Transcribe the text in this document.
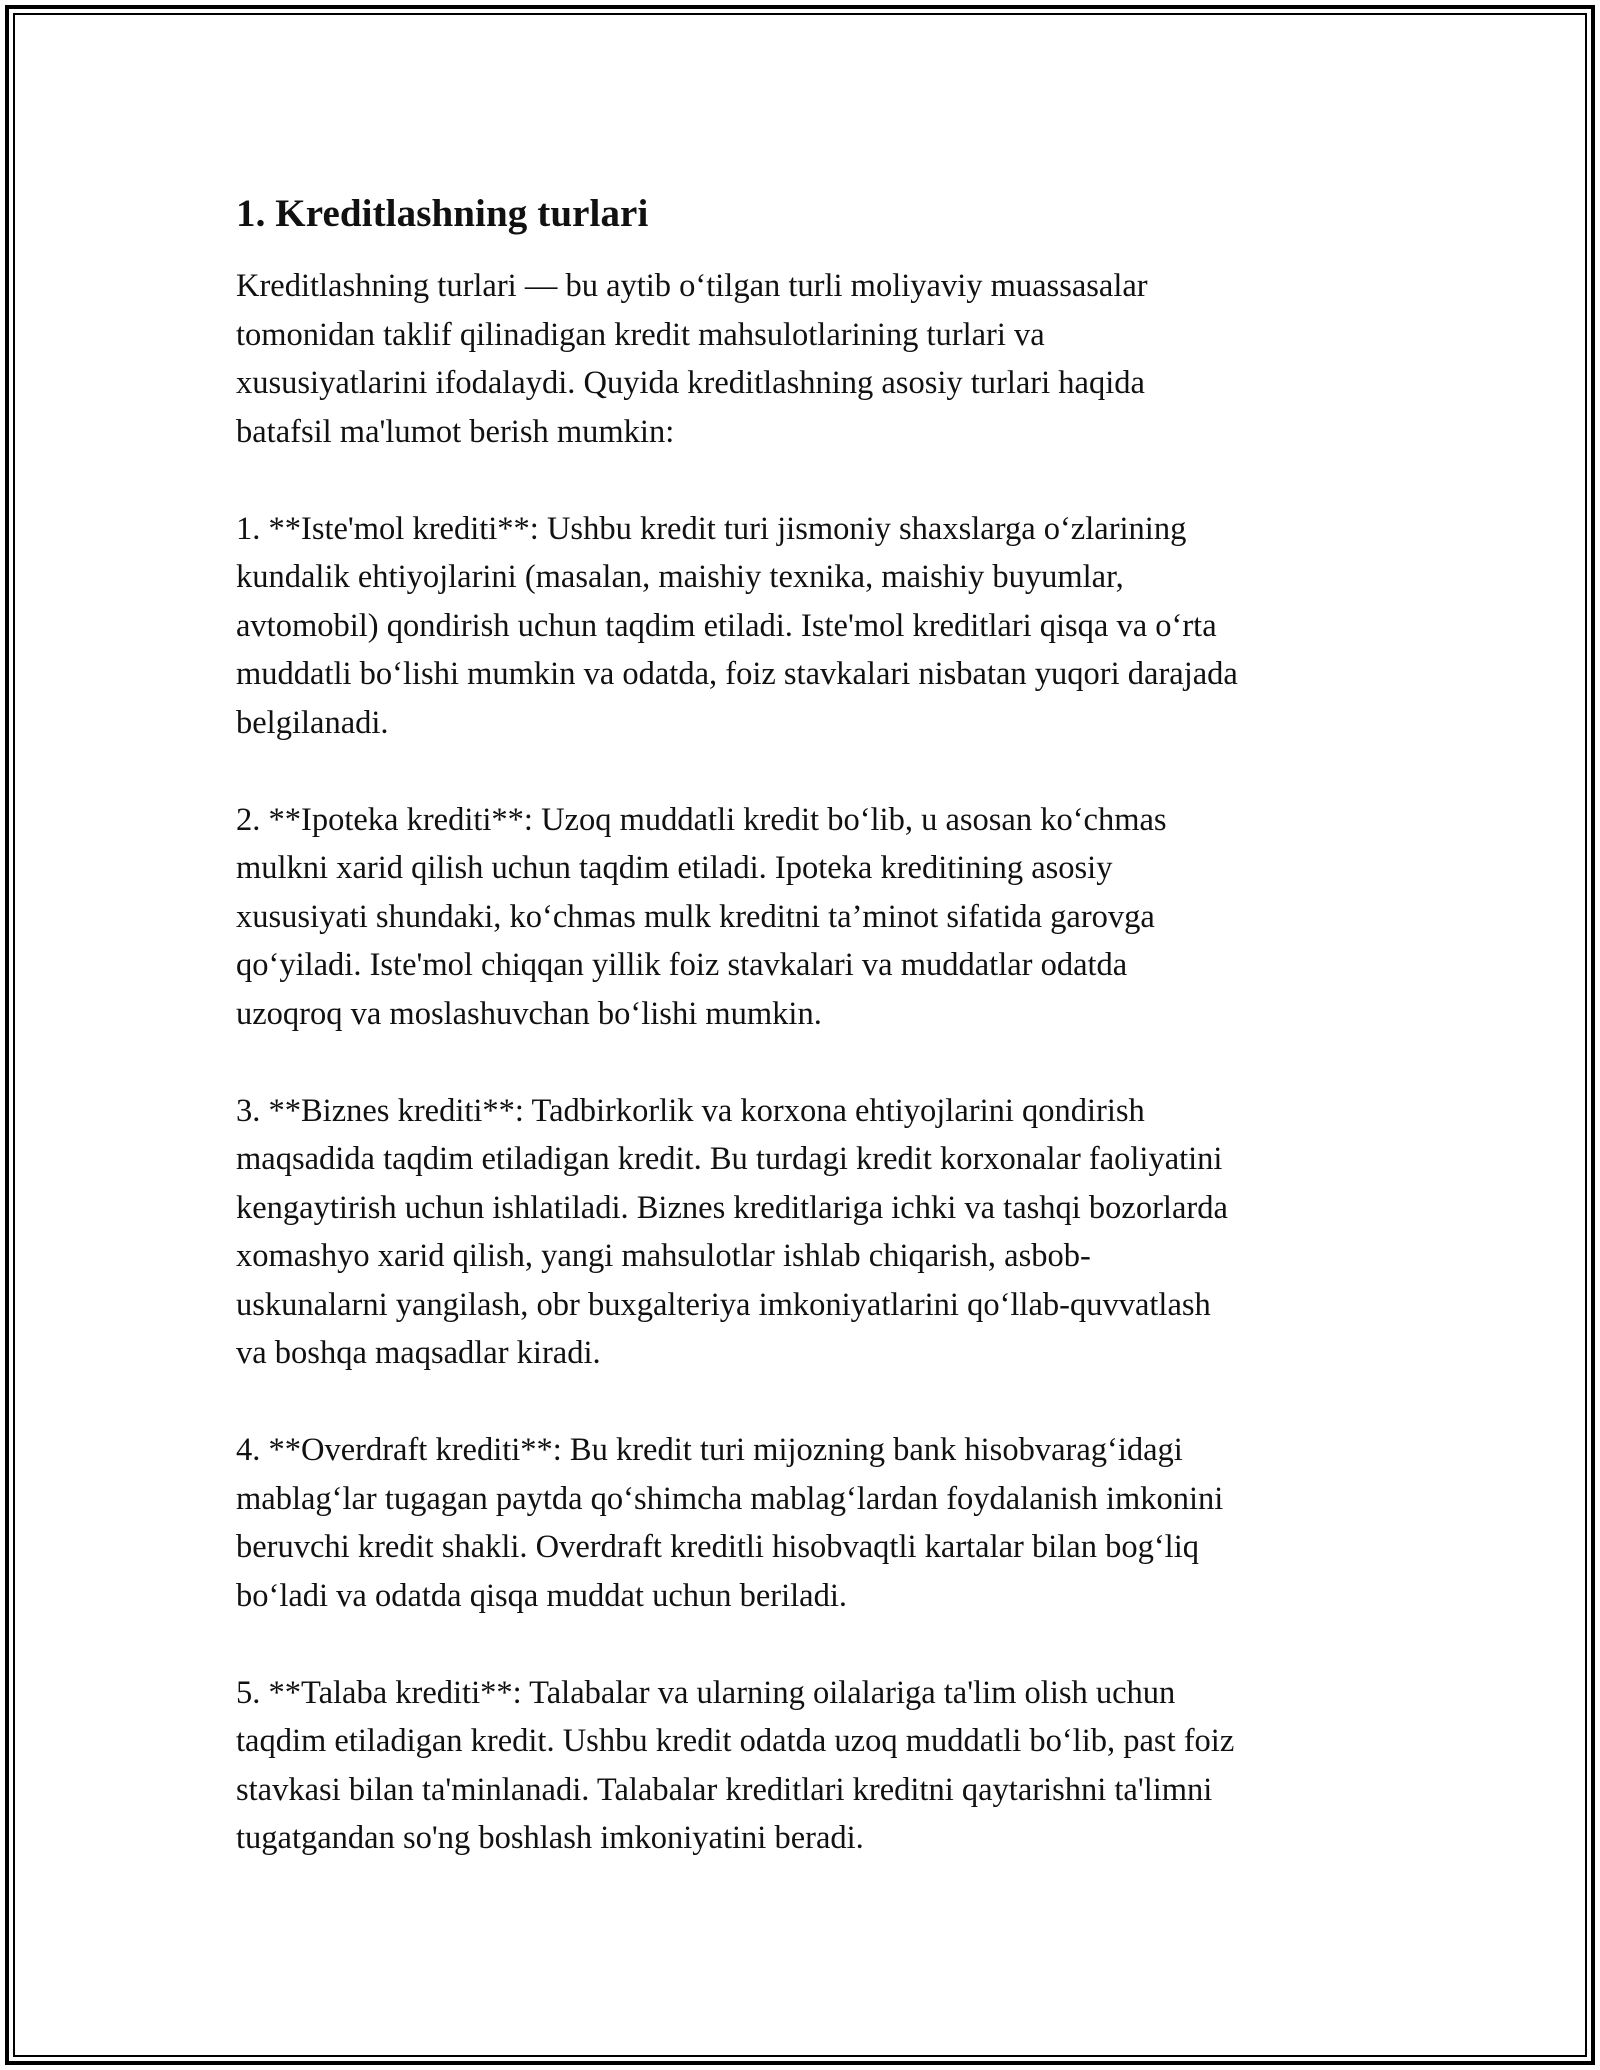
1. Kreditlashning turlari

Kreditlashning turlari — bu aytib o‘tilgan turli moliyaviy muassasalar
tomonidan taklif qilinadigan kredit mahsulotlarining turlari va
xususiyatlarini ifodalaydi. Quyida kreditlashning asosiy turlari haqida
batafsil ma'lumot berish mumkin:

1. **Iste'mol krediti**: Ushbu kredit turi jismoniy shaxslarga o‘zlarining
kundalik ehtiyojlarini (masalan, maishiy texnika, maishiy buyumlar,
avtomobil) qondirish uchun taqdim etiladi. Iste'mol kreditlari qisqa va o‘rta
muddatli bo‘lishi mumkin va odatda, foiz stavkalari nisbatan yuqori darajada
belgilanadi.

2. **Ipoteka krediti**: Uzoq muddatli kredit bo‘lib, u asosan ko‘chmas
mulkni xarid qilish uchun taqdim etiladi. Ipoteka kreditining asosiy
xususiyati shundaki, ko‘chmas mulk kreditni ta’minot sifatida garovga
qo‘yiladi. Iste'mol chiqqan yillik foiz stavkalari va muddatlar odatda
uzoqroq va moslashuvchan bo‘lishi mumkin.

3. **Biznes krediti**: Tadbirkorlik va korxona ehtiyojlarini qondirish
maqsadida taqdim etiladigan kredit. Bu turdagi kredit korxonalar faoliyatini
kengaytirish uchun ishlatiladi. Biznes kreditlariga ichki va tashqi bozorlarda
xomashyo xarid qilish, yangi mahsulotlar ishlab chiqarish, asbob-
uskunalarni yangilash, obr buxgalteriya imkoniyatlarini qo‘llab-quvvatlash
va boshqa maqsadlar kiradi.

4. **Overdraft krediti**: Bu kredit turi mijozning bank hisobvarag‘idagi
mablag‘lar tugagan paytda qo‘shimcha mablag‘lardan foydalanish imkonini
beruvchi kredit shakli. Overdraft kreditli hisobvaqtli kartalar bilan bog‘liq
bo‘ladi va odatda qisqa muddat uchun beriladi.

5. **Talaba krediti**: Talabalar va ularning oilalariga ta'lim olish uchun
taqdim etiladigan kredit. Ushbu kredit odatda uzoq muddatli bo‘lib, past foiz
stavkasi bilan ta'minlanadi. Talabalar kreditlari kreditni qaytarishni ta'limni
tugatgandan so'ng boshlash imkoniyatini beradi.
